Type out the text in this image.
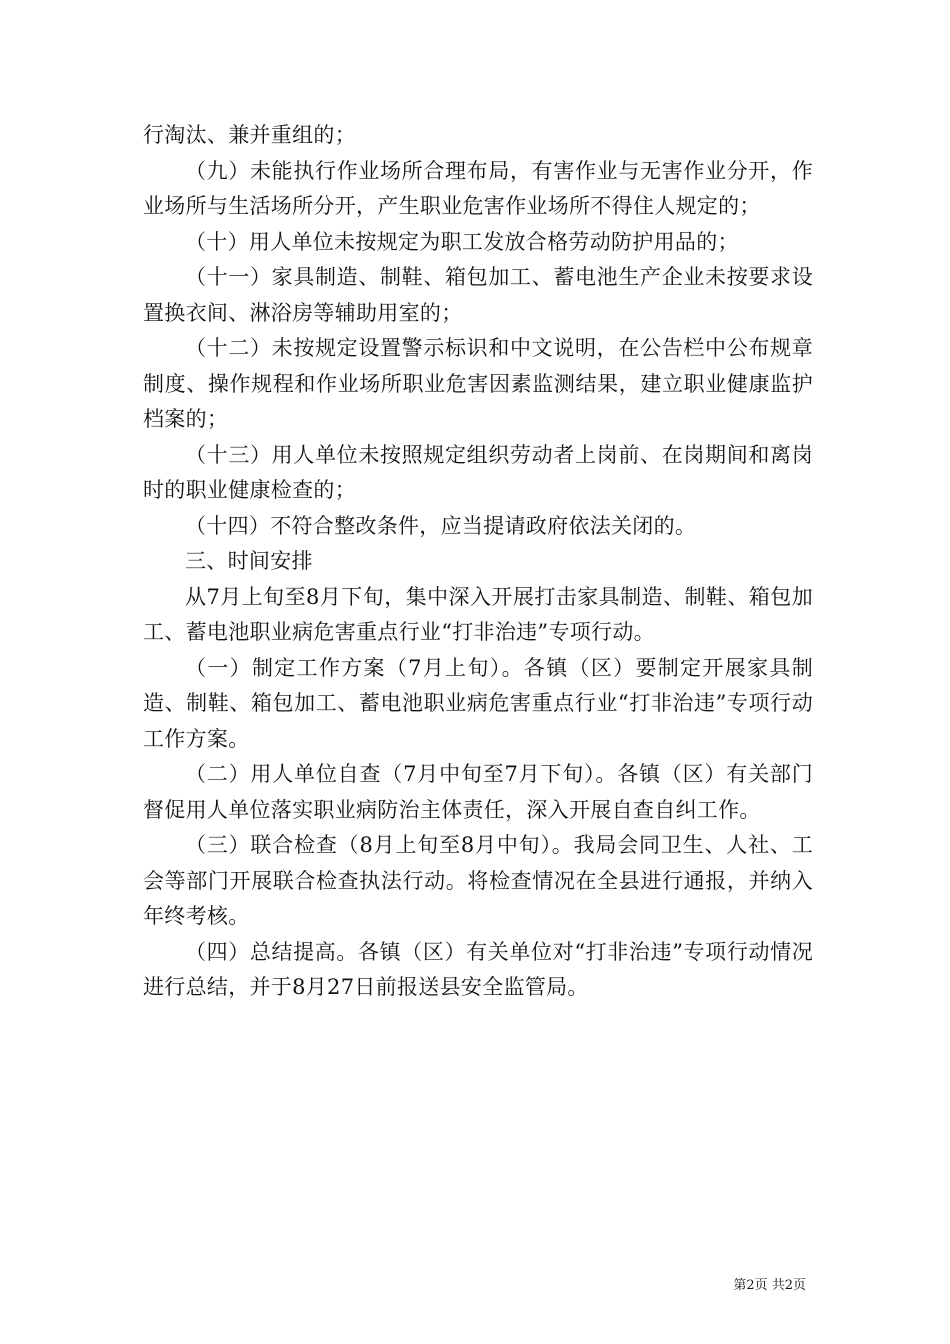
行淘汰、兼并重组的；

（九）未能执行作业场所合理布局，有害作业与无害作业分开，作业场所与生活场所分开，产生职业危害作业场所不得住人规定的；

（十）用人单位未按规定为职工发放合格劳动防护用品的；

（十一）家具制造、制鞋、箱包加工、蓄电池生产企业未按要求设置换衣间、淋浴房等辅助用室的；

（十二）未按规定设置警示标识和中文说明，在公告栏中公布规章制度、操作规程和作业场所职业危害因素监测结果，建立职业健康监护档案的；

（十三）用人单位未按照规定组织劳动者上岗前、在岗期间和离岗时的职业健康检查的；

（十四）不符合整改条件，应当提请政府依法关闭的。

三、时间安排

从7月上旬至8月下旬，集中深入开展打击家具制造、制鞋、箱包加工、蓄电池职业病危害重点行业“打非治违”专项行动。

（一）制定工作方案（7月上旬）。各镇（区）要制定开展家具制造、制鞋、箱包加工、蓄电池职业病危害重点行业“打非治违”专项行动工作方案。

（二）用人单位自查（7月中旬至7月下旬）。各镇（区）有关部门督促用人单位落实职业病防治主体责任，深入开展自查自纠工作。

（三）联合检查（8月上旬至8月中旬）。我局会同卫生、人社、工会等部门开展联合检查执法行动。将检查情况在全县进行通报，并纳入年终考核。

（四）总结提高。各镇（区）有关单位对“打非治违”专项行动情况进行总结，并于8月27日前报送县安全监管局。

第2页 共2页
